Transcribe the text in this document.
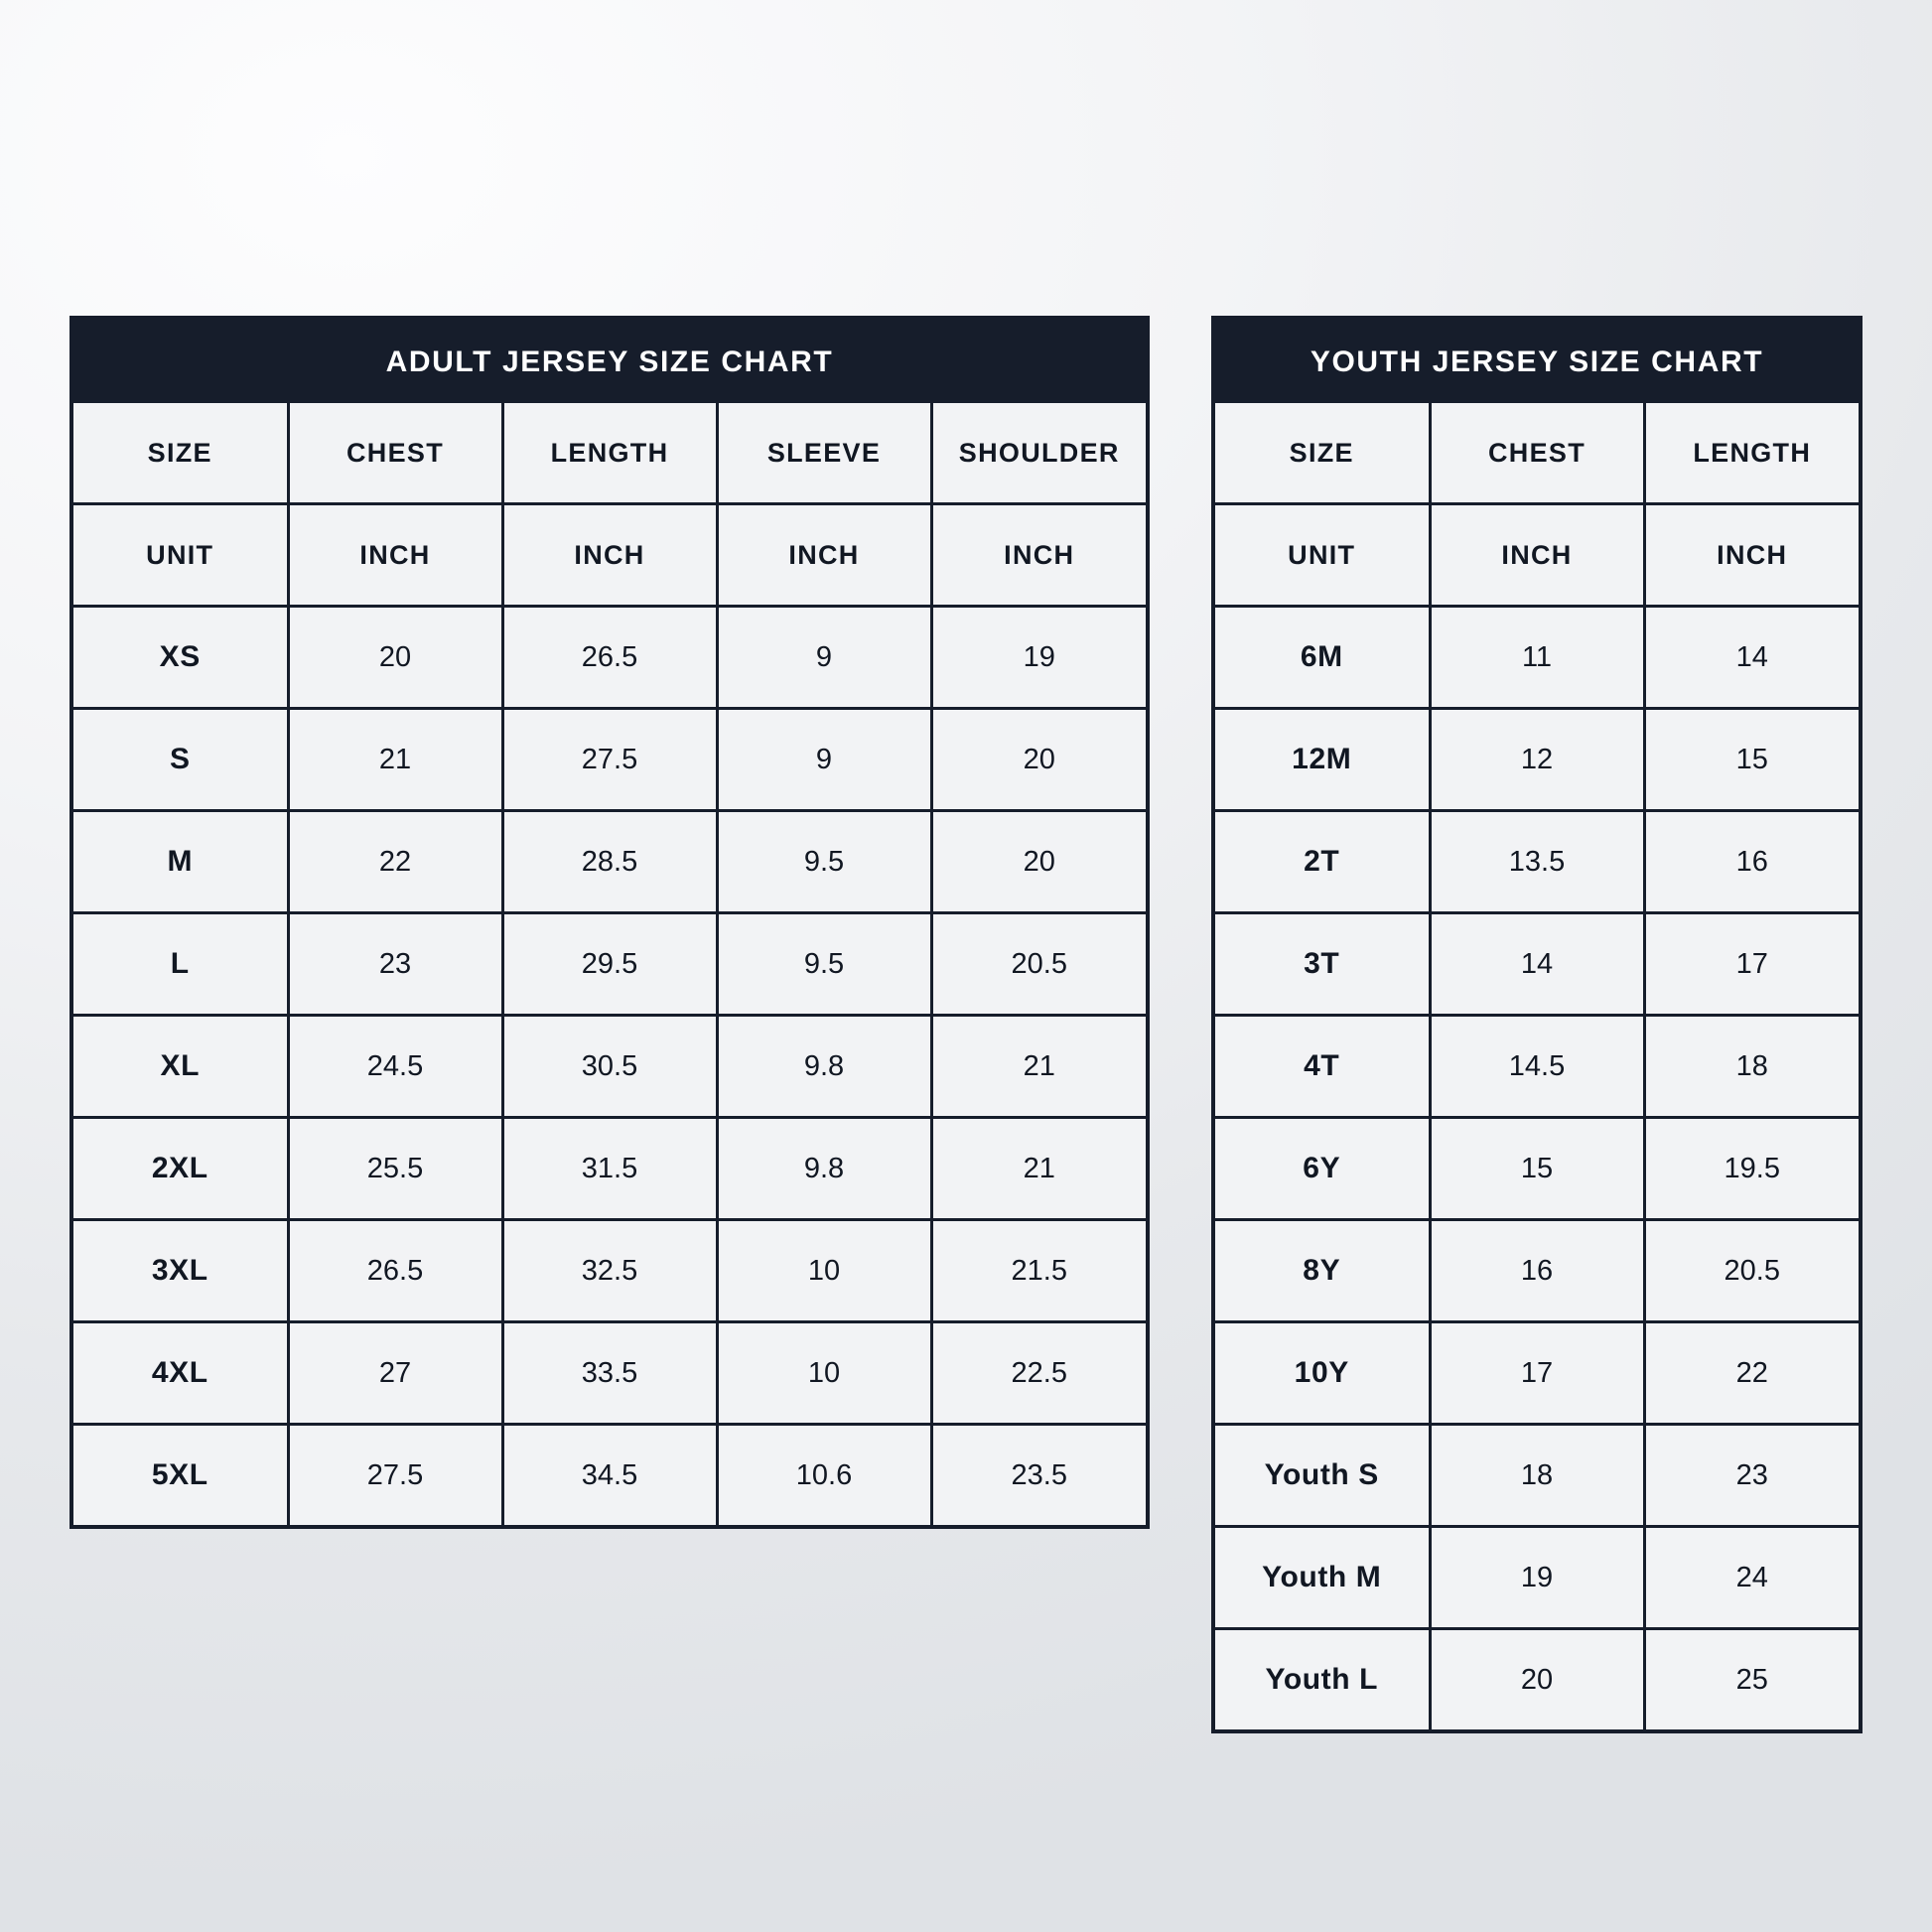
ADULT JERSEY SIZE CHART
SIZE	CHEST	LENGTH	SLEEVE	SHOULDER
UNIT	INCH	INCH	INCH	INCH
XS	20	26.5	9	19
S	21	27.5	9	20
M	22	28.5	9.5	20
L	23	29.5	9.5	20.5
XL	24.5	30.5	9.8	21
2XL	25.5	31.5	9.8	21
3XL	26.5	32.5	10	21.5
4XL	27	33.5	10	22.5
5XL	27.5	34.5	10.6	23.5
YOUTH JERSEY SIZE CHART
SIZE	CHEST	LENGTH
UNIT	INCH	INCH
6M	11	14
12M	12	15
2T	13.5	16
3T	14	17
4T	14.5	18
6Y	15	19.5
8Y	16	20.5
10Y	17	22
Youth S	18	23
Youth M	19	24
Youth L	20	25
